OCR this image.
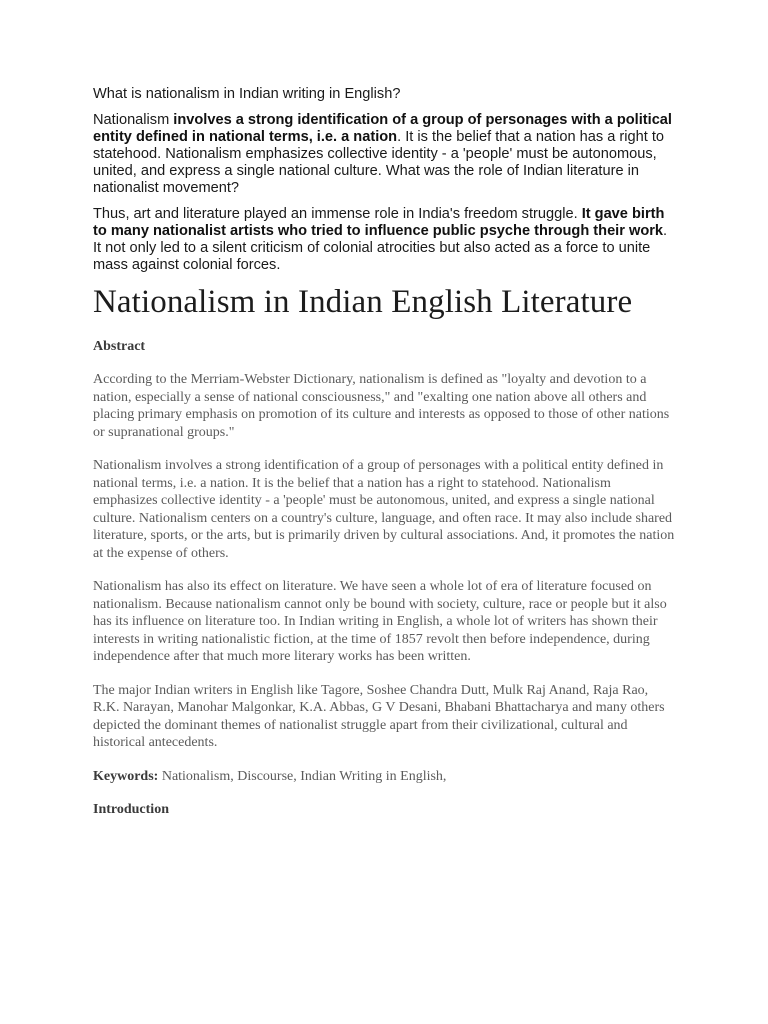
What is nationalism in Indian writing in English?

Nationalism involves a strong identification of a group of personages with a political entity defined in national terms, i.e. a nation. It is the belief that a nation has a right to statehood. Nationalism emphasizes collective identity - a 'people' must be autonomous, united, and express a single national culture. What was the role of Indian literature in nationalist movement?

Thus, art and literature played an immense role in India's freedom struggle. It gave birth to many nationalist artists who tried to influence public psyche through their work. It not only led to a silent criticism of colonial atrocities but also acted as a force to unite mass against colonial forces.

Nationalism in Indian English Literature
Abstract

According to the Merriam-Webster Dictionary, nationalism is defined as "loyalty and devotion to a nation, especially a sense of national consciousness," and "exalting one nation above all others and placing primary emphasis on promotion of its culture and interests as opposed to those of other nations or supranational groups."

Nationalism involves a strong identification of a group of personages with a political entity defined in national terms, i.e. a nation. It is the belief that a nation has a right to statehood. Nationalism emphasizes collective identity - a 'people' must be autonomous, united, and express a single national culture. Nationalism centers on a country's culture, language, and often race. It may also include shared literature, sports, or the arts, but is primarily driven by cultural associations. And, it promotes the nation at the expense of others.

Nationalism has also its effect on literature. We have seen a whole lot of era of literature focused on nationalism. Because nationalism cannot only be bound with society, culture, race or people but it also has its influence on literature too. In Indian writing in English, a whole lot of writers has shown their interests in writing nationalistic fiction, at the time of 1857 revolt then before independence, during independence after that much more literary works has been written.

The major Indian writers in English like Tagore, Soshee Chandra Dutt, Mulk Raj Anand, Raja Rao, R.K. Narayan, Manohar Malgonkar, K.A. Abbas, G V Desani, Bhabani Bhattacharya and many others depicted the dominant themes of nationalist struggle apart from their civilizational, cultural and historical antecedents.

Keywords: Nationalism, Discourse, Indian Writing in English,

Introduction
